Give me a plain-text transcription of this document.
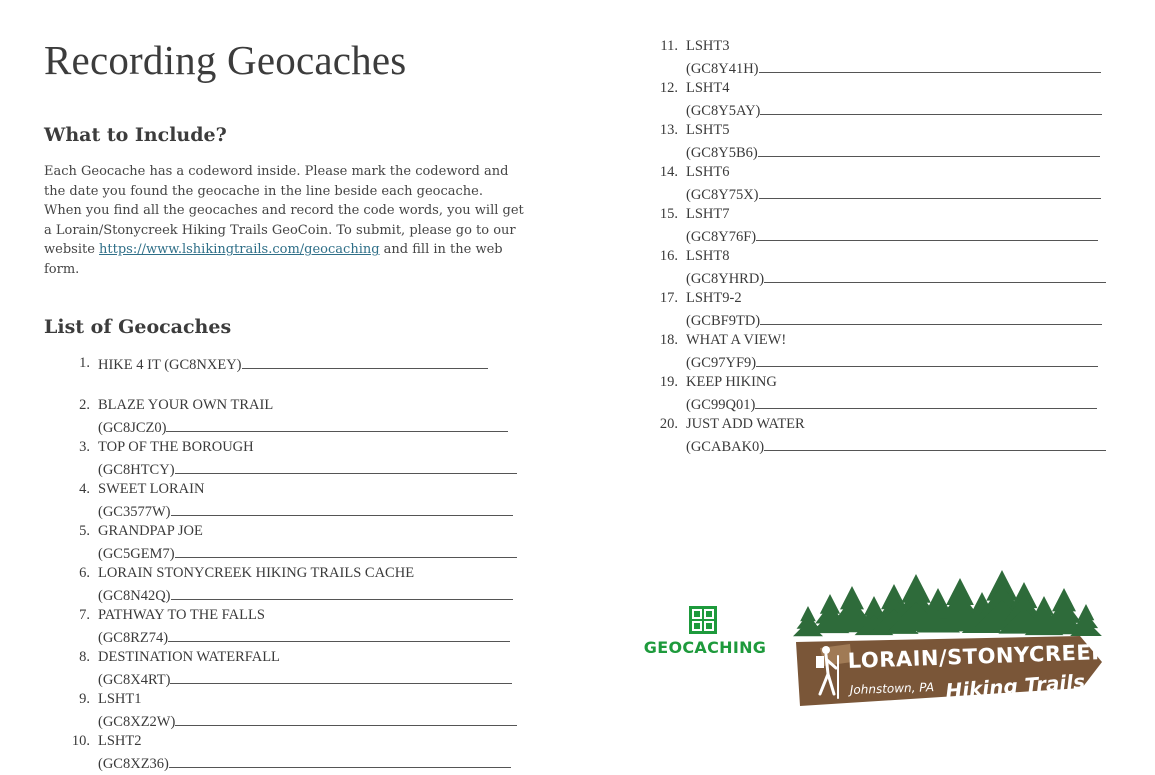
Recording Geocaches
What to Include?
Each Geocache has a codeword inside. Please mark the codeword and the date you found the geocache in the line beside each geocache. When you find all the geocaches and record the code words, you will get a Lorain/Stonycreek Hiking Trails GeoCoin. To submit, please go to our website https://www.lshikingtrails.com/geocaching and fill in the web form.
List of Geocaches
1. HIKE 4 IT (GC8NXEY)
2. BLAZE YOUR OWN TRAIL
(GC8JCZ0)
3. TOP OF THE BOROUGH
(GC8HTCY)
4. SWEET LORAIN
(GC3577W)
5. GRANDPAP JOE
(GC5GEM7)
6. LORAIN STONYCREEK HIKING TRAILS CACHE
(GC8N42Q)
7. PATHWAY TO THE FALLS
(GC8RZ74)
8. DESTINATION WATERFALL
(GC8X4RT)
9. LSHT1
(GC8XZ2W)
10. LSHT2
(GC8XZ36)
11. LSHT3
(GC8Y41H)
12. LSHT4
(GC8Y5AY)
13. LSHT5
(GC8Y5B6)
14. LSHT6
(GC8Y75X)
15. LSHT7
(GC8Y76F)
16. LSHT8
(GC8YHRD)
17. LSHT9-2
(GCBF9TD)
18. WHAT A VIEW!
(GC97YF9)
19. KEEP HIKING
(GC99Q01)
20. JUST ADD WATER
(GCABAK0)
GEOCACHING	LORAIN/STONYCREEK
Johnstown, PA Hiking Trails
